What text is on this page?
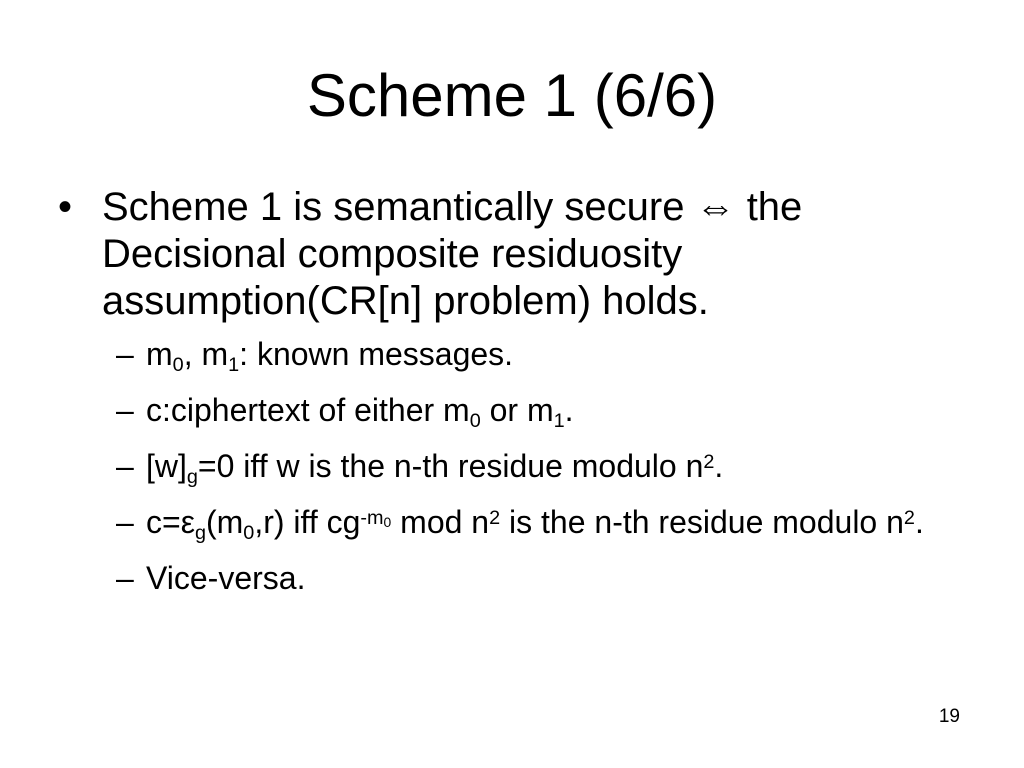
Scheme 1 (6/6)
• Scheme 1 is semantically secure ⇔ the Decisional composite residuosity assumption(CR[n] problem) holds.
– $m_0$, $m_1$: known messages.
– c:ciphertext of either $m_0$ or $m_1$.
– $[w]_g=0$ iff w is the n-th residue modulo $n^2$.
– $c=\varepsilon_g(m_0,r)$ iff $cg^{-m_0}$ mod $n^2$ is the n-th residue modulo $n^2$.
– Vice-versa.
19
